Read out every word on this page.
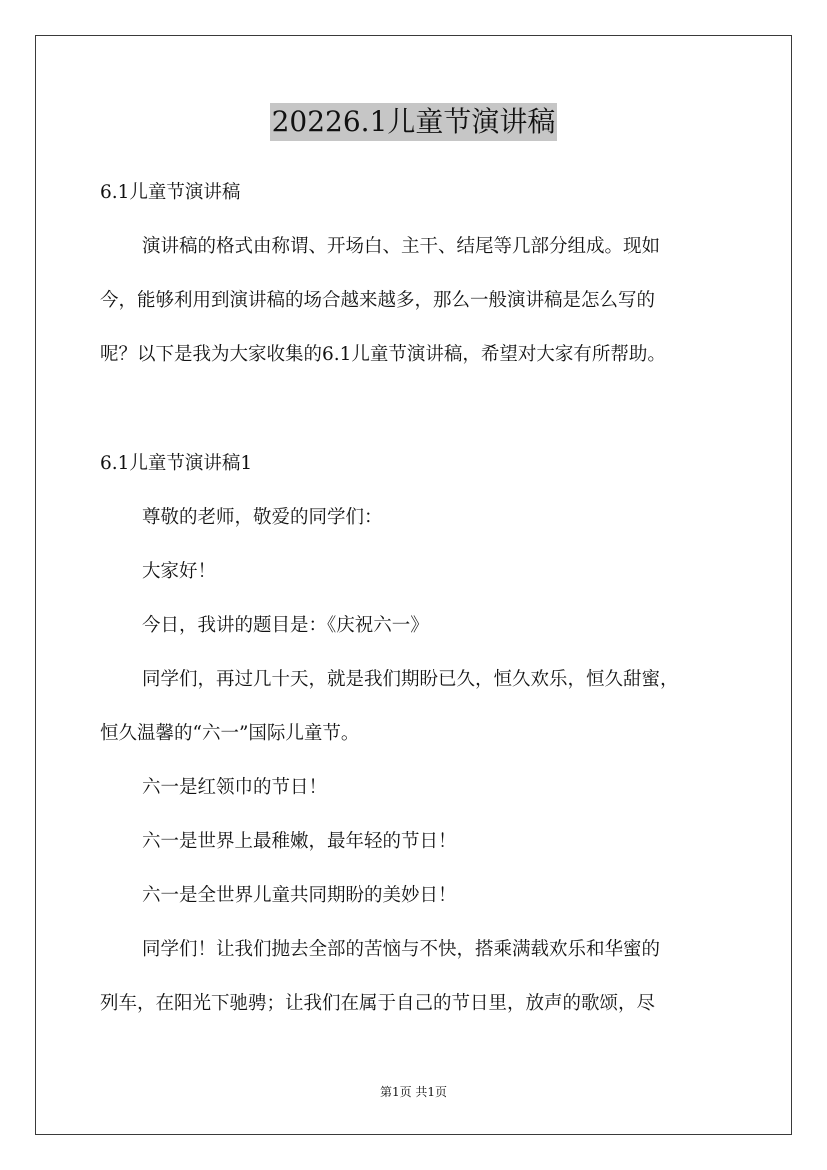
20226.1儿童节演讲稿

6.1儿童节演讲稿

演讲稿的格式由称谓、开场白、主干、结尾等几部分组成。现如

今，能够利用到演讲稿的场合越来越多，那么一般演讲稿是怎么写的

呢？以下是我为大家收集的6.1儿童节演讲稿，希望对大家有所帮助。

6.1儿童节演讲稿1

尊敬的老师，敬爱的同学们：

大家好！

今日，我讲的题目是：《庆祝六一》

同学们，再过几十天，就是我们期盼已久，恒久欢乐，恒久甜蜜，

恒久温馨的“六一”国际儿童节。

六一是红领巾的节日！

六一是世界上最稚嫩，最年轻的节日！

六一是全世界儿童共同期盼的美妙日！

同学们！让我们抛去全部的苦恼与不快，搭乘满载欢乐和华蜜的

列车，在阳光下驰骋；让我们在属于自己的节日里，放声的歌颂，尽

第1页 共1页
